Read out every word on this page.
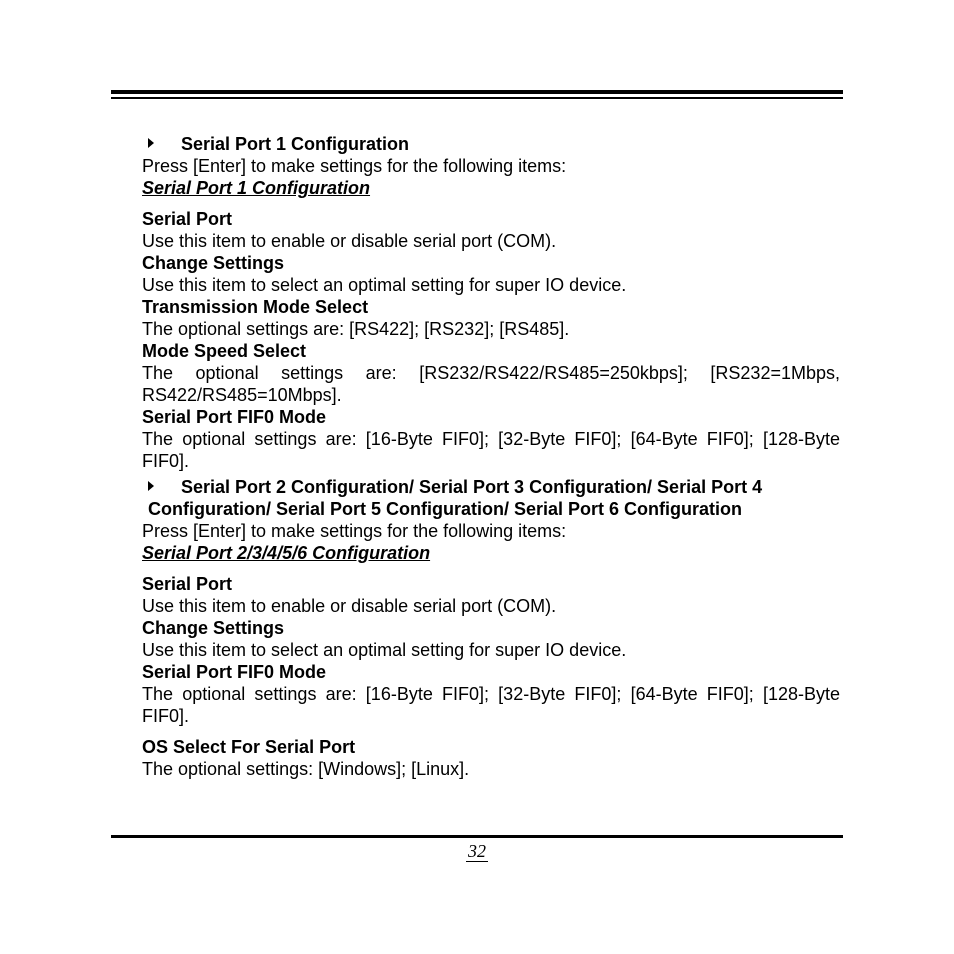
Serial Port 1 Configuration
Press [Enter] to make settings for the following items:
Serial Port 1 Configuration
Serial Port
Use this item to enable or disable serial port (COM).
Change Settings
Use this item to select an optimal setting for super IO device.
Transmission Mode Select
The optional settings are: [RS422]; [RS232]; [RS485].
Mode Speed Select
The optional settings are: [RS232/RS422/RS485=250kbps]; [RS232=1Mbps, RS422/RS485=10Mbps].
Serial Port FIF0 Mode
The optional settings are: [16-Byte FIF0]; [32-Byte FIF0]; [64-Byte FIF0]; [128-Byte FIF0].
Serial Port 2 Configuration/ Serial Port 3 Configuration/ Serial Port 4
Configuration/ Serial Port 5 Configuration/ Serial Port 6 Configuration
Press [Enter] to make settings for the following items:
Serial Port 2/3/4/5/6 Configuration
Serial Port
Use this item to enable or disable serial port (COM).
Change Settings
Use this item to select an optimal setting for super IO device.
Serial Port FIF0 Mode
The optional settings are: [16-Byte FIF0]; [32-Byte FIF0]; [64-Byte FIF0]; [128-Byte FIF0].
OS Select For Serial Port
The optional settings: [Windows]; [Linux].
32
